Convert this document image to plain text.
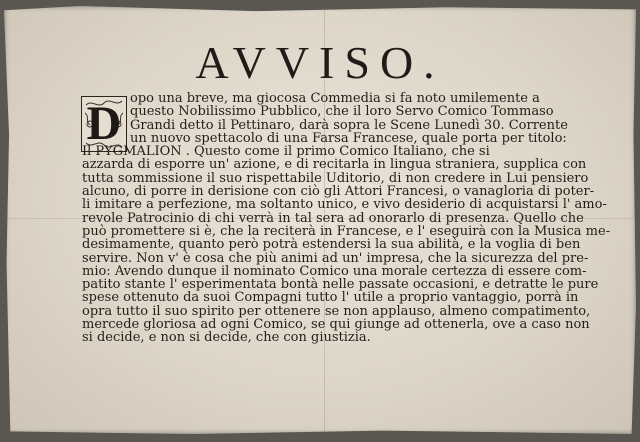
AVVISO.
D opo una breve, ma giocosa Commedia si fa noto umilemente a
questo Nobilissimo Pubblico, che il loro Servo Comico Tommaso
Grandi detto il Pettinaro, darà sopra le Scene Lunedì 30. Corrente
un nuovo spettacolo di una Farsa Francese, quale porta per titolo:
Il PYGMALION . Questo come il primo Comico Italiano, che si
azzarda di esporre un' azione, e di recitarla in lingua straniera, supplica con
tutta sommissione il suo rispettabile Uditorio, di non credere in Lui pensiero
alcuno, di porre in derisione con ciò gli Attori Francesi, o vanagloria di poter-
li imitare a perfezione, ma soltanto unico, e vivo desiderio di acquistarsi l' amo-
revole Patrocinio di chi verrà in tal sera ad onorarlo di presenza. Quello che
può promettere si è, che la reciterà in Francese, e l' eseguirà con la Musica me-
desimamente, quanto però potrà estendersi la sua abilità, e la voglia di ben
servire. Non v' è cosa che più animi ad un' impresa, che la sicurezza del pre-
mio: Avendo dunque il nominato Comico una morale certezza di essere com-
patito stante l' esperimentata bontà nelle passate occasioni, e detratte le pure
spese ottenuto da suoi Compagni tutto l' utile a proprio vantaggio, porrà in
opra tutto il suo spirito per ottenere se non applauso, almeno compatimento,
mercede gloriosa ad ogni Comico, se qui giunge ad ottenerla, ove a caso non
si decide, e non si decide, che con giustizia.
